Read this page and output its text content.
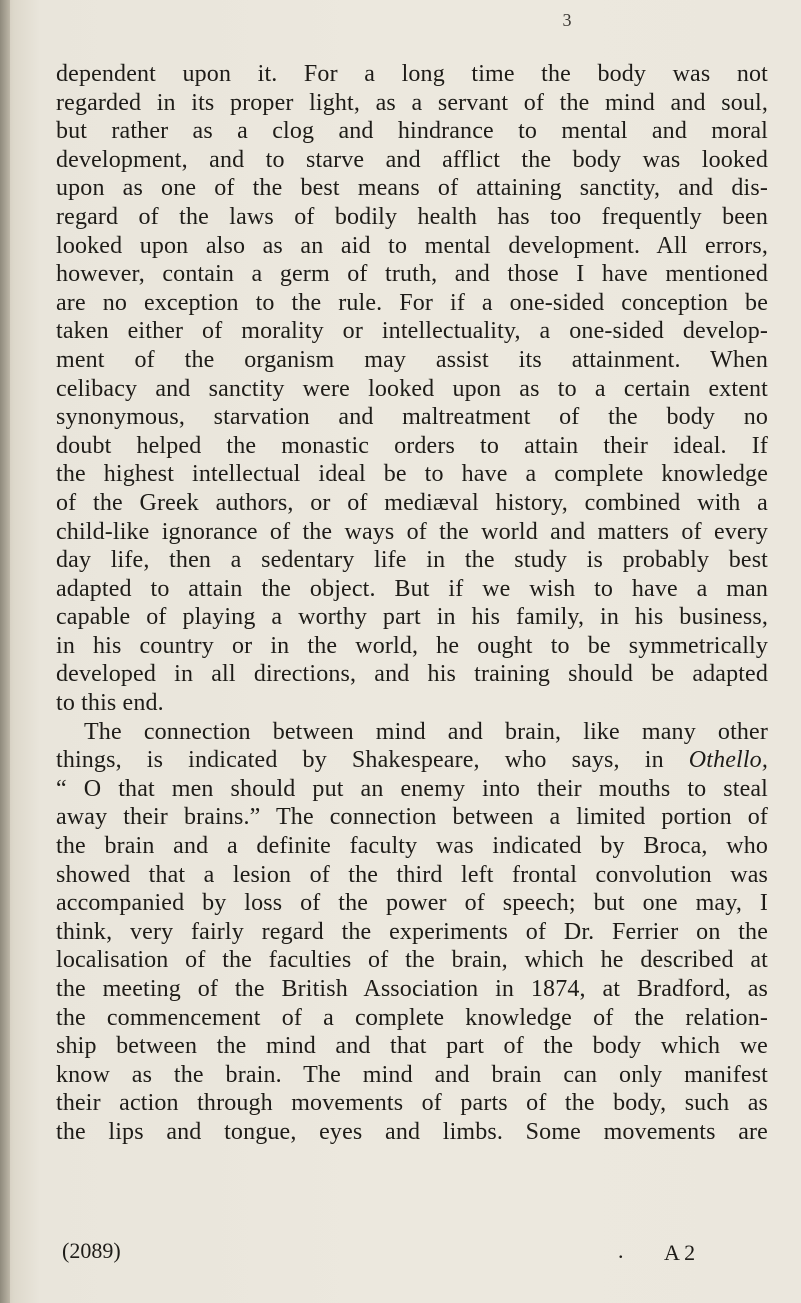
3
dependent upon it. For a long time the body was not
regarded in its proper light, as a servant of the mind and soul,
but rather as a clog and hindrance to mental and moral
development, and to starve and afflict the body was looked
upon as one of the best means of attaining sanctity, and dis-
regard of the laws of bodily health has too frequently been
looked upon also as an aid to mental development. All errors,
however, contain a germ of truth, and those I have mentioned
are no exception to the rule. For if a one-sided conception be
taken either of morality or intellectuality, a one-sided develop-
ment of the organism may assist its attainment. When
celibacy and sanctity were looked upon as to a certain extent
synonymous, starvation and maltreatment of the body no
doubt helped the monastic orders to attain their ideal. If
the highest intellectual ideal be to have a complete knowledge
of the Greek authors, or of mediæval history, combined with a
child-like ignorance of the ways of the world and matters of every
day life, then a sedentary life in the study is probably best
adapted to attain the object. But if we wish to have a man
capable of playing a worthy part in his family, in his business,
in his country or in the world, he ought to be symmetrically
developed in all directions, and his training should be adapted
to this end.
The connection between mind and brain, like many other
things, is indicated by Shakespeare, who says, in Othello,
“ O that men should put an enemy into their mouths to steal
away their brains.” The connection between a limited portion of
the brain and a definite faculty was indicated by Broca, who
showed that a lesion of the third left frontal convolution was
accompanied by loss of the power of speech; but one may, I
think, very fairly regard the experiments of Dr. Ferrier on the
localisation of the faculties of the brain, which he described at
the meeting of the British Association in 1874, at Bradford, as
the commencement of a complete knowledge of the relation-
ship between the mind and that part of the body which we
know as the brain. The mind and brain can only manifest
their action through movements of parts of the body, such as
the lips and tongue, eyes and limbs. Some movements are
(2089)	. A 2
